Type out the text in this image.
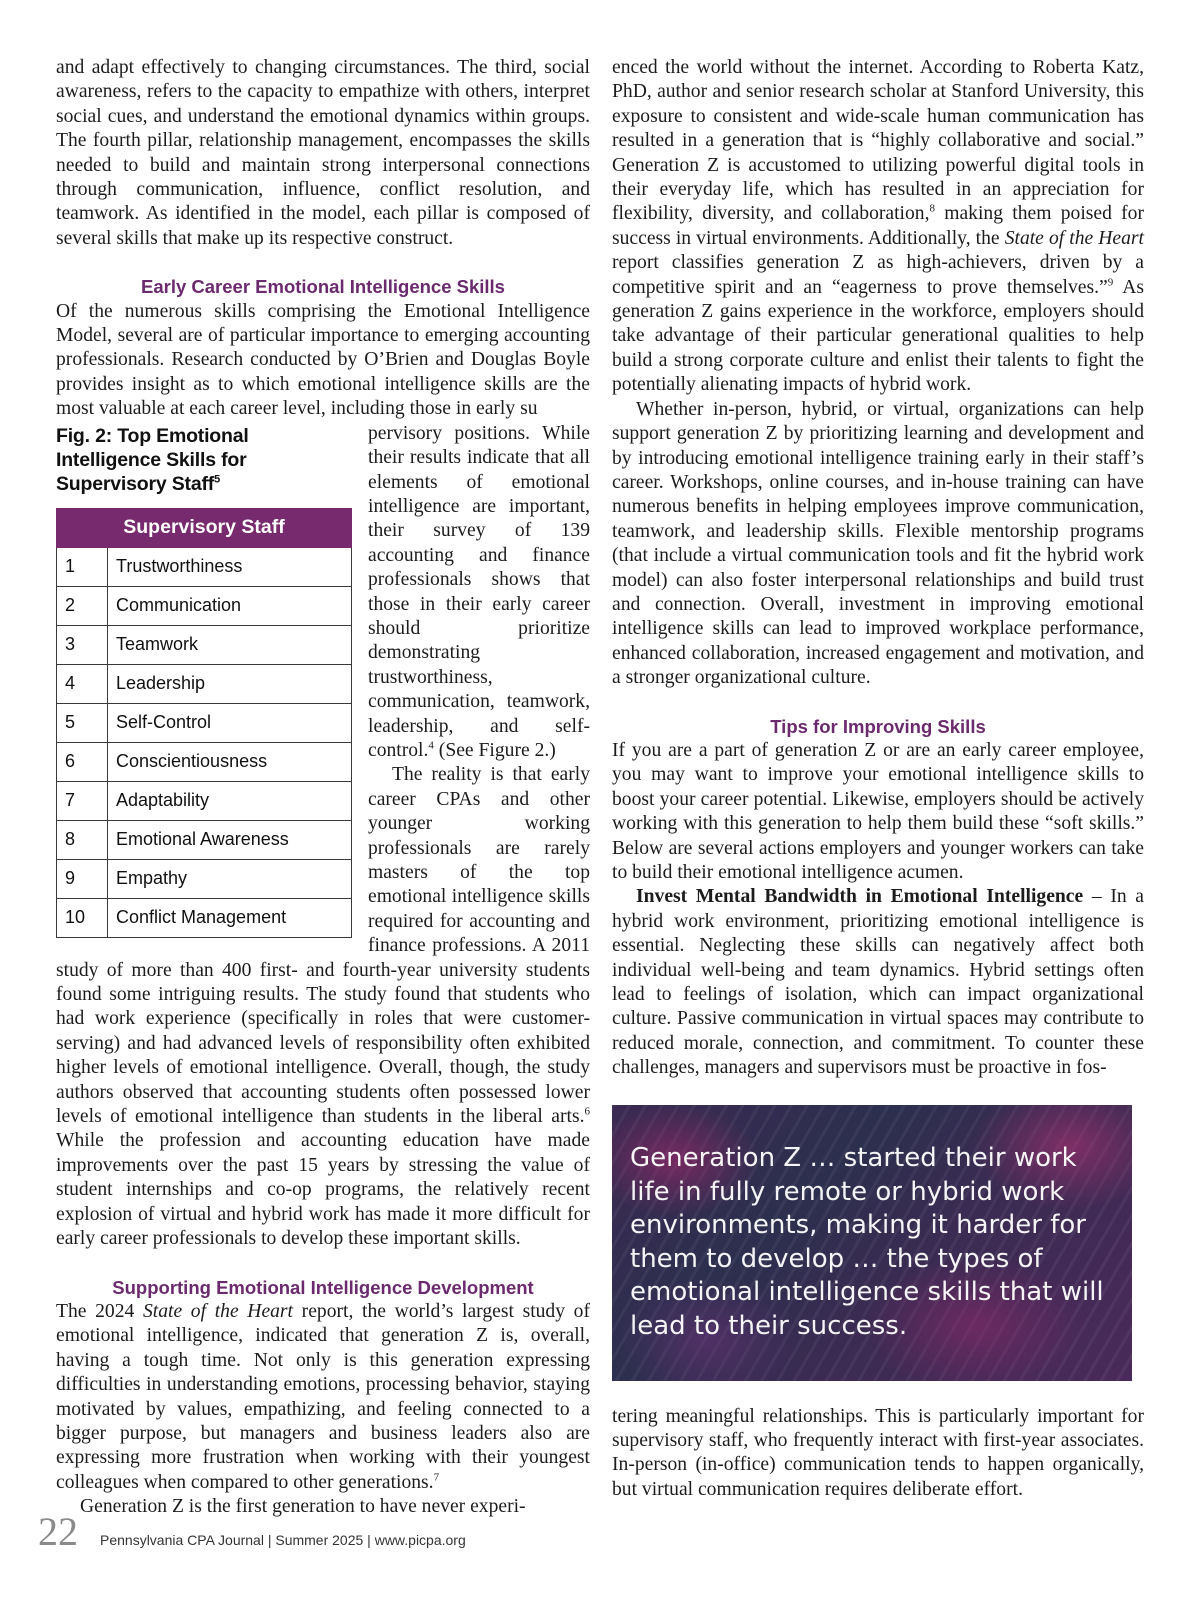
and adapt effectively to changing circumstances. The third, social awareness, refers to the capacity to empathize with others, interpret social cues, and understand the emotional dynamics within groups. The fourth pillar, relationship management, encompasses the skills needed to build and maintain strong interpersonal connections through communication, influence, conflict resolution, and teamwork. As identified in the model, each pillar is composed of several skills that make up its respective construct.

Early Career Emotional Intelligence Skills

Of the numerous skills comprising the Emotional Intelligence Model, several are of particular importance to emerging accounting professionals. Research conducted by O’Brien and Douglas Boyle provides insight as to which emotional intelligence skills are the most valuable at each career level, including those in early su

Fig. 2: Top Emotional Intelligence Skills for Supervisory Staff$^5$
Supervisory Staff	
1	Trustworthiness
2	Communication
3	Teamwork
4	Leadership
5	Self-Control
6	Conscientiousness
7	Adaptability
8	Emotional Awareness
9	Empathy
10	Conflict Management

pervisory positions. While their results indicate that all elements of emotional intelligence are important, their survey of 139 accounting and finance professionals shows that those in their early career should prioritize demonstrating trustworthiness, communication, teamwork, leadership, and self-control.$^4$ (See Figure 2.)

The reality is that early career CPAs and other younger working professionals are rarely masters of the top emotional intelligence skills required for accounting and finance professions. A 2011 study of more than 400 first- and fourth-year university students found some intriguing results. The study found that students who had work experience (specifically in roles that were customer-serving) and had advanced levels of responsibility often exhibited higher levels of emotional intelligence. Overall, though, the study authors observed that accounting students often possessed lower levels of emotional intelligence than students in the liberal arts.$^6$ While the profession and accounting education have made improvements over the past 15 years by stressing the value of student internships and co-op programs, the relatively recent explosion of virtual and hybrid work has made it more difficult for early career professionals to develop these important skills.

Supporting Emotional Intelligence Development

The 2024 State of the Heart report, the world’s largest study of emotional intelligence, indicated that generation Z is, overall, having a tough time. Not only is this generation expressing difficulties in understanding emotions, processing behavior, staying motivated by values, empathizing, and feeling connected to a bigger purpose, but managers and business leaders also are expressing more frustration when working with their youngest colleagues when compared to other generations.$^7$

Generation Z is the first generation to have never experi-

enced the world without the internet. According to Roberta Katz, PhD, author and senior research scholar at Stanford University, this exposure to consistent and wide-scale human communication has resulted in a generation that is “highly collaborative and social.” Generation Z is accustomed to utilizing powerful digital tools in their everyday life, which has resulted in an appreciation for flexibility, diversity, and collaboration,$^8$ making them poised for success in virtual environments. Additionally, the State of the Heart report classifies generation Z as high-achievers, driven by a competitive spirit and an “eagerness to prove themselves.”$^9$ As generation Z gains experience in the workforce, employers should take advantage of their particular generational qualities to help build a strong corporate culture and enlist their talents to fight the potentially alienating impacts of hybrid work.

Whether in-person, hybrid, or virtual, organizations can help support generation Z by prioritizing learning and development and by introducing emotional intelligence training early in their staff’s career. Workshops, online courses, and in-house training can have numerous benefits in helping employees improve communication, teamwork, and leadership skills. Flexible mentorship programs (that include a virtual communication tools and fit the hybrid work model) can also foster interpersonal relationships and build trust and connection. Overall, investment in improving emotional intelligence skills can lead to improved workplace performance, enhanced collaboration, increased engagement and motivation, and a stronger organizational culture.

Tips for Improving Skills

If you are a part of generation Z or are an early career employee, you may want to improve your emotional intelligence skills to boost your career potential. Likewise, employers should be actively working with this generation to help them build these “soft skills.” Below are several actions employers and younger workers can take to build their emotional intelligence acumen.

Invest Mental Bandwidth in Emotional Intelligence – In a hybrid work environment, prioritizing emotional intelligence is essential. Neglecting these skills can negatively affect both individual well-being and team dynamics. Hybrid settings often lead to feelings of isolation, which can impact organizational culture. Passive communication in virtual spaces may contribute to reduced morale, connection, and commitment. To counter these challenges, managers and supervisors must be proactive in fos-

Generation Z … started their work life in fully remote or hybrid work environments, making it harder for them to develop … the types of emotional intelligence skills that will lead to their success.

tering meaningful relationships. This is particularly important for supervisory staff, who frequently interact with first-year associates. In-person (in-office) communication tends to happen organically, but virtual communication requires deliberate effort.

22 Pennsylvania CPA Journal | Summer 2025 | www.picpa.org
